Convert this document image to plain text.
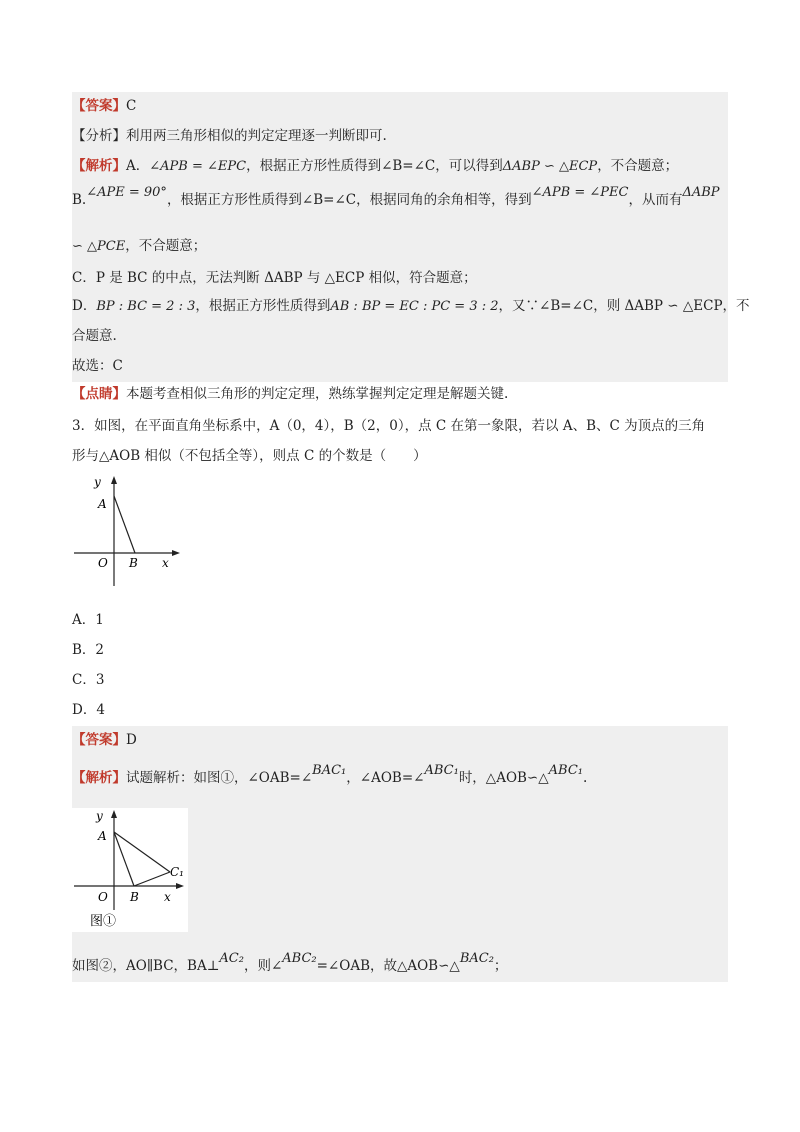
【答案】C
【分析】利用两三角形相似的判定定理逐一判断即可.
【解析】A．∠APB = ∠EPC，根据正方形性质得到∠B=∠C，可以得到ΔABP ∽ △ECP，不合题意；
B.∠APE = 90°，根据正方形性质得到∠B=∠C，根据同角的余角相等，得到∠APB = ∠PEC，从而有ΔABP
∽ △PCE，不合题意；
C．P 是 BC 的中点，无法判断 ΔABP 与 △ECP 相似，符合题意；
D．BP : BC = 2 : 3，根据正方形性质得到AB : BP = EC : PC = 3 : 2，又∵∠B=∠C，则 ΔABP ∽ △ECP，不
合题意.
故选：C
【点睛】本题考查相似三角形的判定定理，熟练掌握判定定理是解题关键.
3．如图，在平面直角坐标系中，A（0，4），B（2，0），点 C 在第一象限，若以 A、B、C 为顶点的三角
形与△AOB 相似（不包括全等），则点 C 的个数是（　　）
y
A
O B x
A．1
B．2
C．3
D．4
【答案】D
【解析】试题解析：如图①，∠OAB=∠BAC₁，∠AOB=∠ABC₁时，△AOB∽△ABC₁.
y
A
C₁
O B x
图①
如图②，AO∥BC，BA⊥AC₂，则∠ABC₂=∠OAB，故△AOB∽△BAC₂；
